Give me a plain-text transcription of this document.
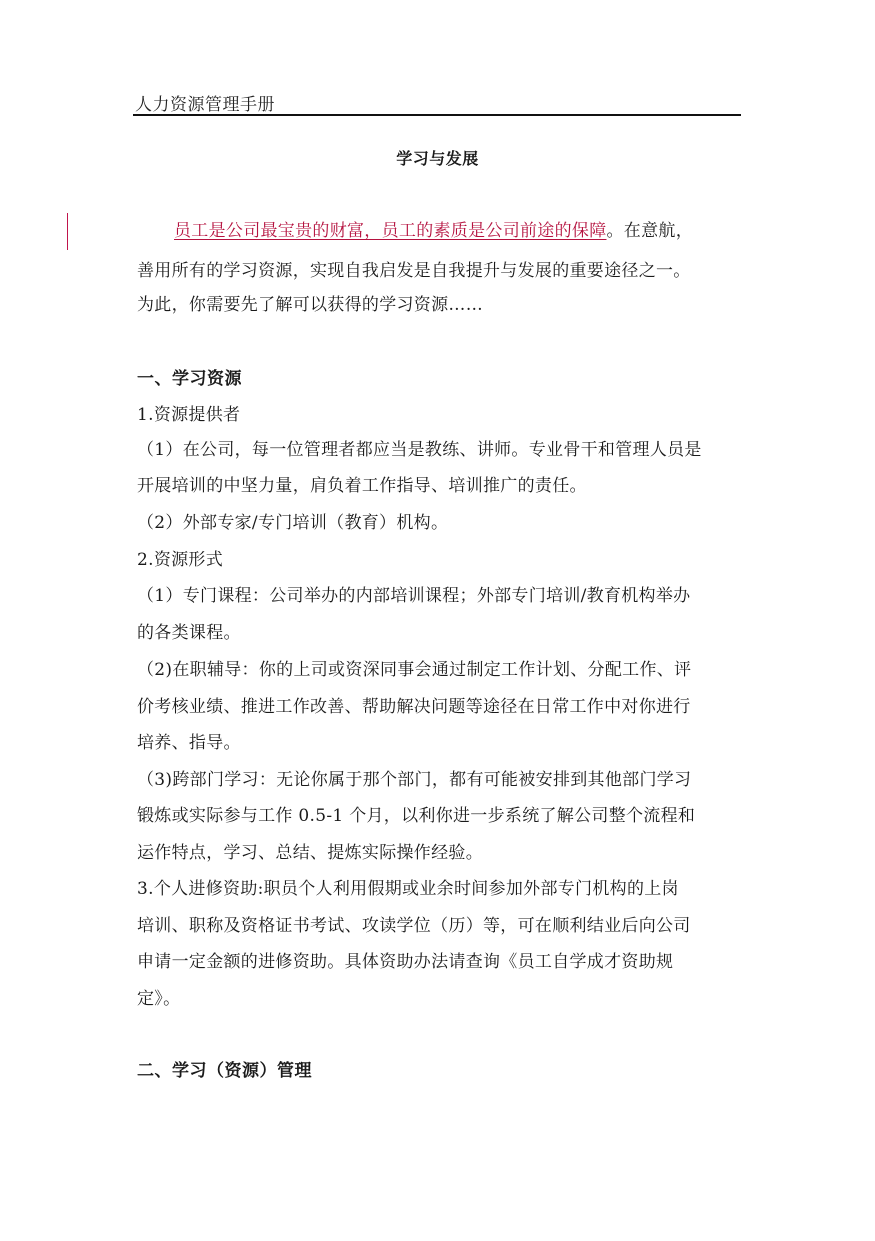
人力资源管理手册
学习与发展
员工是公司最宝贵的财富，员工的素质是公司前途的保障。在意航，
善用所有的学习资源，实现自我启发是自我提升与发展的重要途径之一。
为此，你需要先了解可以获得的学习资源……
一、学习资源
1.资源提供者
（1）在公司，每一位管理者都应当是教练、讲师。专业骨干和管理人员是
开展培训的中坚力量，肩负着工作指导、培训推广的责任。
（2）外部专家/专门培训（教育）机构。
2.资源形式
（1）专门课程：公司举办的内部培训课程；外部专门培训/教育机构举办
的各类课程。
（2)在职辅导：你的上司或资深同事会通过制定工作计划、分配工作、评
价考核业绩、推进工作改善、帮助解决问题等途径在日常工作中对你进行
培养、指导。
（3)跨部门学习：无论你属于那个部门，都有可能被安排到其他部门学习
锻炼或实际参与工作 0.5-1 个月，以利你进一步系统了解公司整个流程和
运作特点，学习、总结、提炼实际操作经验。
3.个人进修资助:职员个人利用假期或业余时间参加外部专门机构的上岗
培训、职称及资格证书考试、攻读学位（历）等，可在顺利结业后向公司
申请一定金额的进修资助。具体资助办法请查询《员工自学成才资助规
定》。
二、学习（资源）管理
